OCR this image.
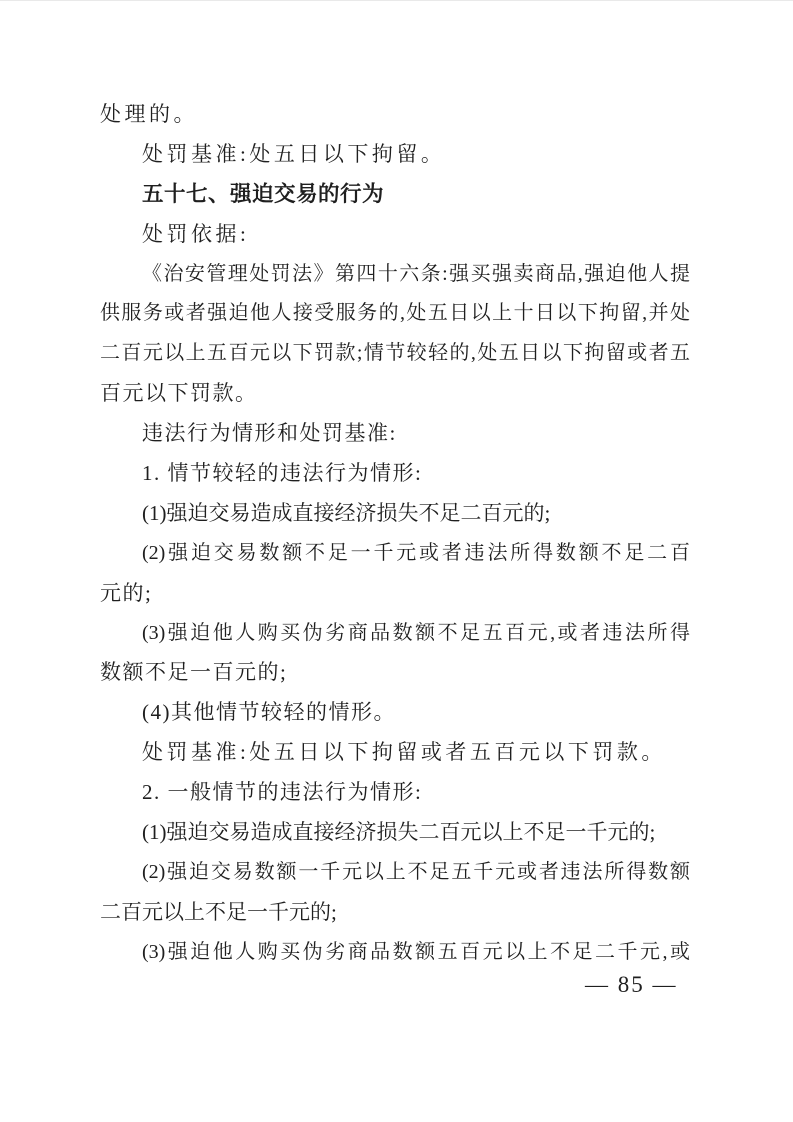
处理的。
处罚基准:处五日以下拘留。
五十七、强迫交易的行为
处罚依据:
《治安管理处罚法》第四十六条:强买强卖商品,强迫他人提
供服务或者强迫他人接受服务的,处五日以上十日以下拘留,并处
二百元以上五百元以下罚款;情节较轻的,处五日以下拘留或者五
百元以下罚款。
违法行为情形和处罚基准:
1. 情节较轻的违法行为情形:
(1)强迫交易造成直接经济损失不足二百元的;
(2)强迫交易数额不足一千元或者违法所得数额不足二百
元的;
(3)强迫他人购买伪劣商品数额不足五百元,或者违法所得
数额不足一百元的;
(4)其他情节较轻的情形。
处罚基准:处五日以下拘留或者五百元以下罚款。
2. 一般情节的违法行为情形:
(1)强迫交易造成直接经济损失二百元以上不足一千元的;
(2)强迫交易数额一千元以上不足五千元或者违法所得数额
二百元以上不足一千元的;
(3)强迫他人购买伪劣商品数额五百元以上不足二千元,或
— 85 —
